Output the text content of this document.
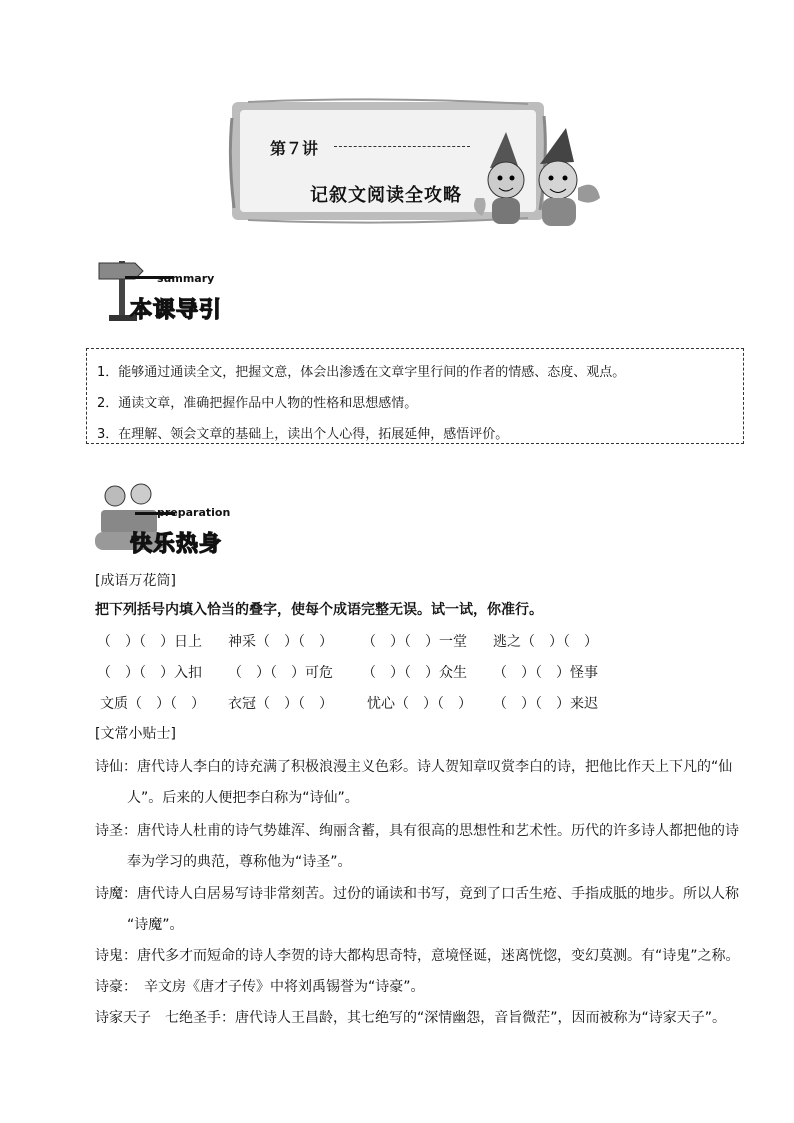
第７讲
记叙文阅读全攻略
summary
本课导引

1．能够通过通读全文，把握文意，体会出渗透在文章字里行间的作者的情感、态度、观点。

2．通读文章，准确把握作品中人物的性格和思想感情。

3．在理解、领会文章的基础上，读出个人心得，拓展延伸，感悟评价。

preparation
快乐热身
[成语万花筒]
把下列括号内填入恰当的叠字，使每个成语完整无误。试一试，你准行。
（　）（　）日上 神采（　）（　） （　）（　）一堂 逃之（　）（　）
（　）（　）入扣 （　）（　）可危 （　）（　）众生 （　）（　）怪事
文质（　）（　） 衣冠（　）（　） 忧心（　）（　） （　）（　）来迟
[文常小贴士]
诗仙：唐代诗人李白的诗充满了积极浪漫主义色彩。诗人贺知章叹赏李白的诗，把他比作天上下凡的“仙
人”。后来的人便把李白称为“诗仙”。
诗圣：唐代诗人杜甫的诗气势雄浑、绚丽含蓄，具有很高的思想性和艺术性。历代的许多诗人都把他的诗
奉为学习的典范，尊称他为“诗圣”。
诗魔：唐代诗人白居易写诗非常刻苦。过份的诵读和书写，竟到了口舌生疮、手指成胝的地步。所以人称
“诗魔”。
诗鬼：唐代多才而短命的诗人李贺的诗大都构思奇特，意境怪诞，迷离恍惚，变幻莫测。有“诗鬼”之称。
诗豪：　辛文房《唐才子传》中将刘禹锡誉为“诗豪”。
诗家天子　七绝圣手：唐代诗人王昌龄，其七绝写的“深情幽怨，音旨微茫”，因而被称为“诗家天子”。
